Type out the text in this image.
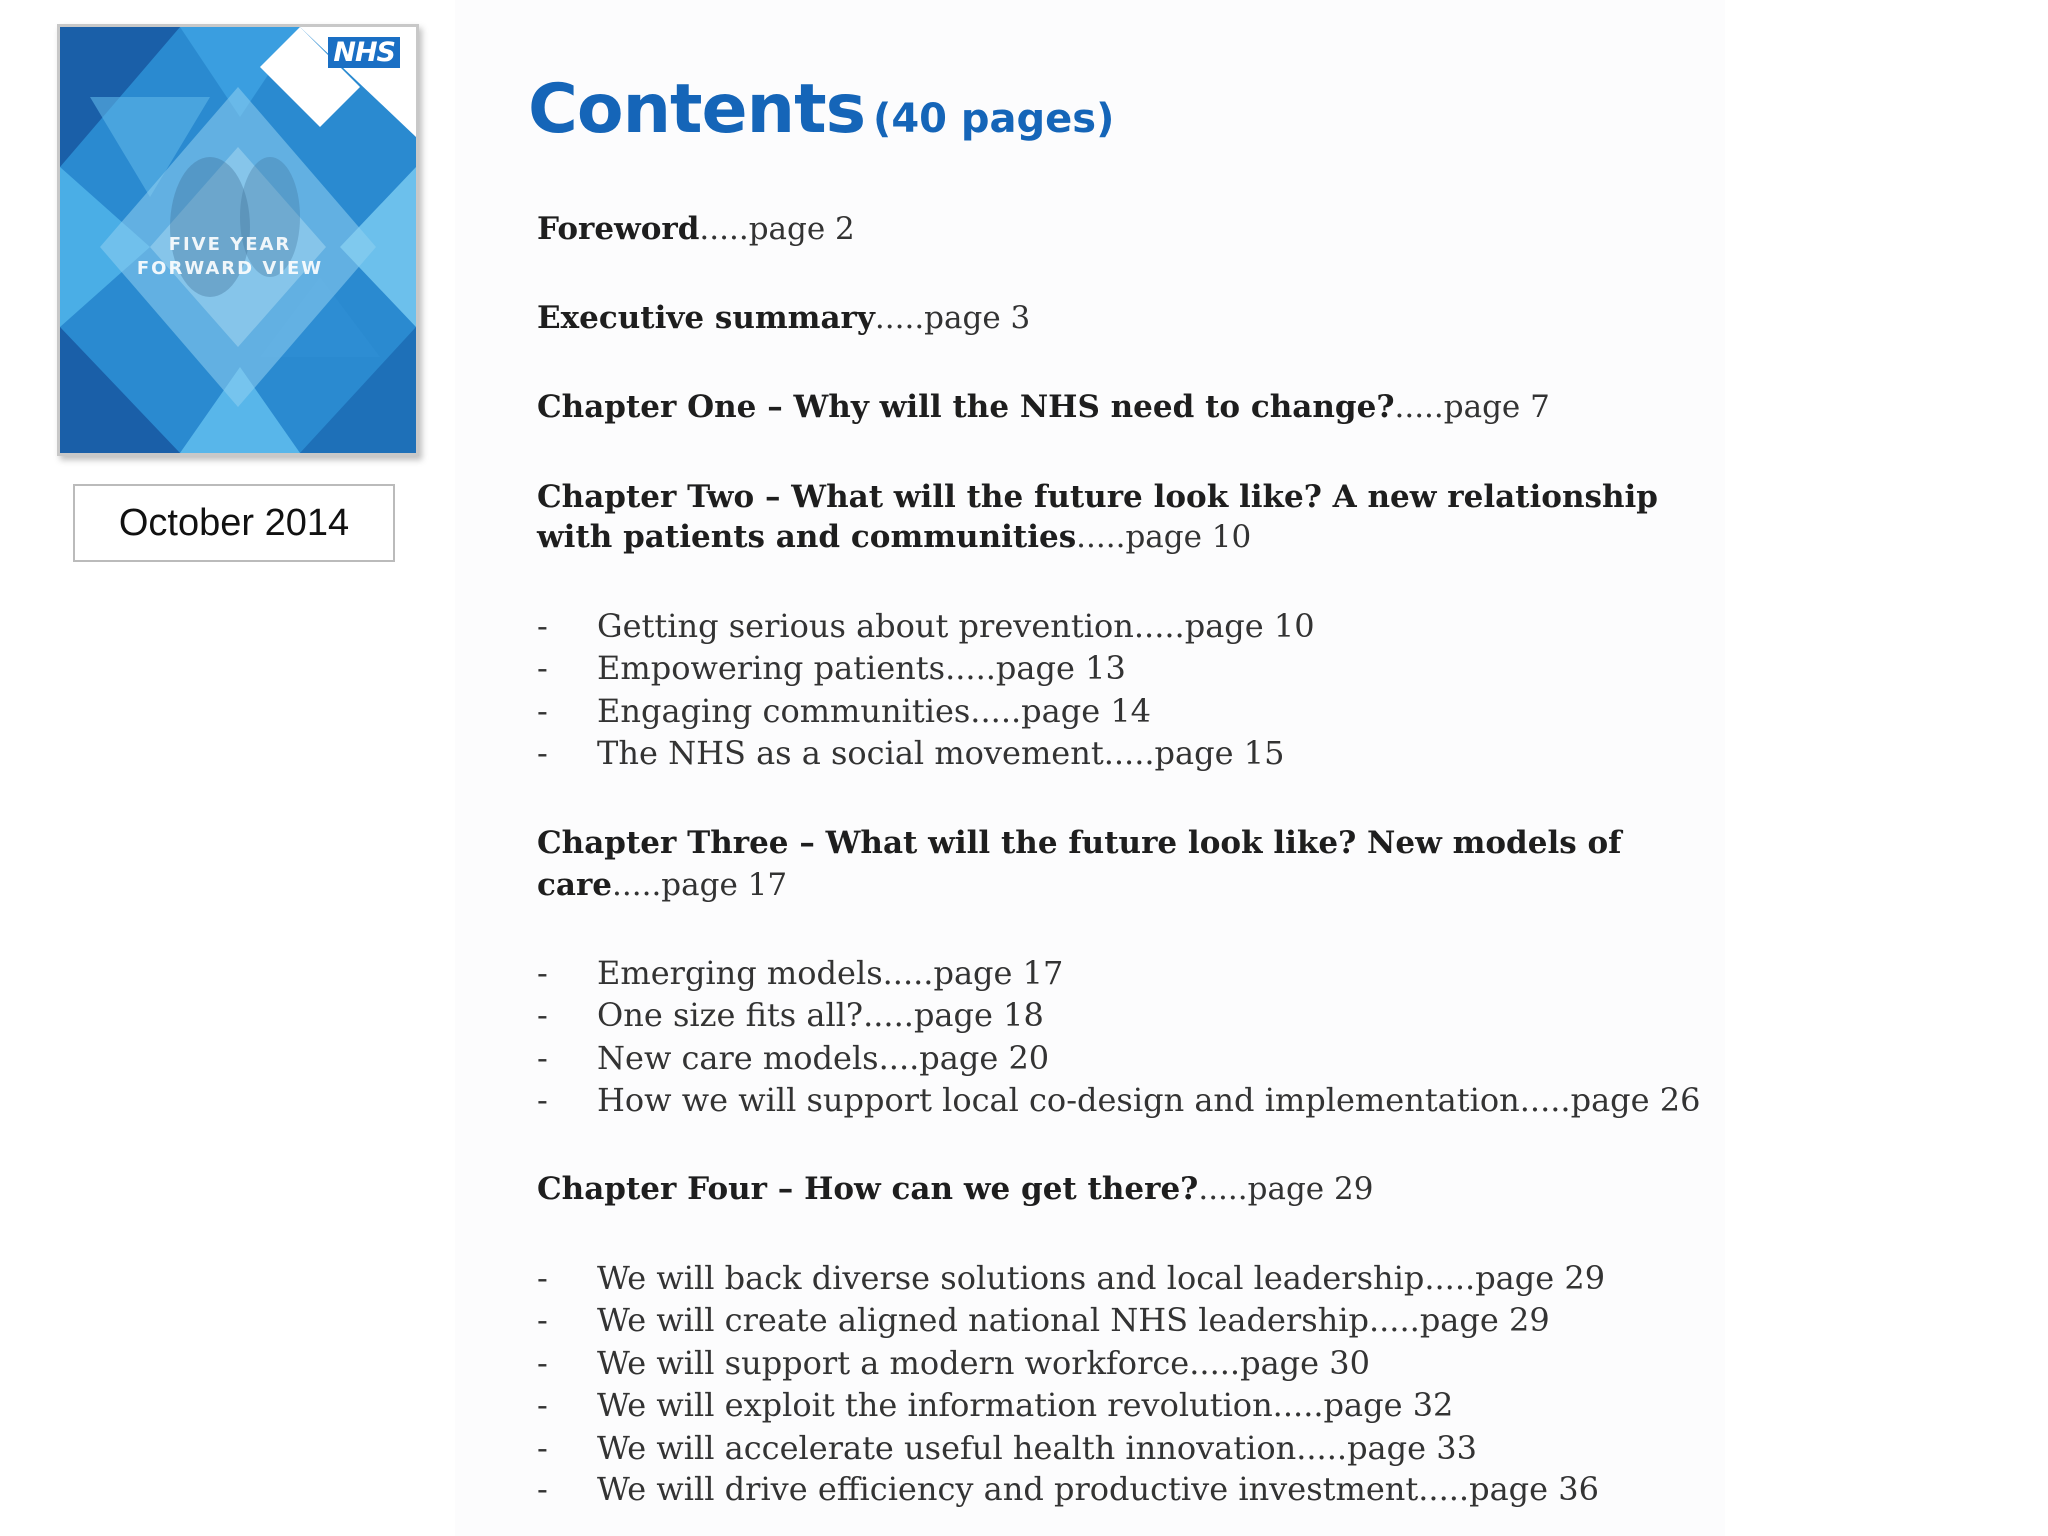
NHS
FIVE YEAR
FORWARD VIEW
October 2014
Contents (40 pages)
Foreword.....page 2
Executive summary.....page 3
Chapter One – Why will the NHS need to change?.....page 7
Chapter Two – What will the future look like? A new relationship
with patients and communities.....page 10
- Getting serious about prevention.....page 10
- Empowering patients.....page 13
- Engaging communities.....page 14
- The NHS as a social movement.....page 15
Chapter Three – What will the future look like? New models of
care.....page 17
- Emerging models.....page 17
- One size fits all?.....page 18
- New care models....page 20
- How we will support local co-design and implementation.....page 26
Chapter Four – How can we get there?.....page 29
- We will back diverse solutions and local leadership.....page 29
- We will create aligned national NHS leadership.....page 29
- We will support a modern workforce.....page 30
- We will exploit the information revolution.....page 32
- We will accelerate useful health innovation.....page 33
- We will drive efficiency and productive investment.....page 36
